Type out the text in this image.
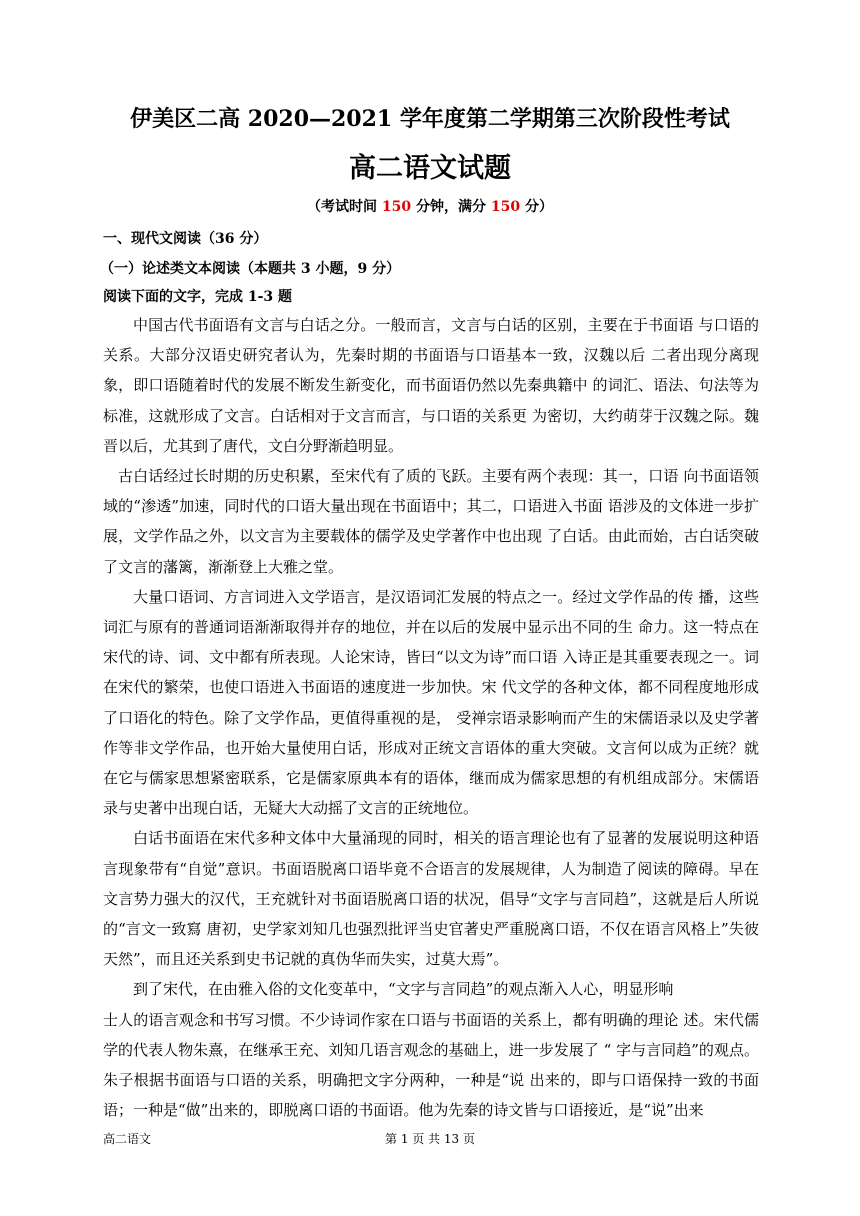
伊美区二高 2020—2021 学年度第二学期第三次阶段性考试
高二语文试题
（考试时间 150 分钟，满分 150 分）
一、现代文阅读（36 分）
（一）论述类文本阅读（本题共 3 小题，9 分）
阅读下面的文字，完成 1-3 题

中国古代书面语有文言与白话之分。一般而言，文言与白话的区别，主要在于书面语 与口语的关系。大部分汉语史研究者认为，先秦时期的书面语与口语基本一致，汉魏以后 二者出现分离现象，即口语随着时代的发展不断发生新变化，而书面语仍然以先秦典籍中 的词汇、语法、句法等为标准，这就形成了文言。白话相对于文言而言，与口语的关系更 为密切，大约萌芽于汉魏之际。魏晋以后，尤其到了唐代，文白分野渐趋明显。

古白话经过长时期的历史积累，至宋代有了质的飞跃。主要有两个表现：其一，口语 向书面语领域的“渗透”加速，同时代的口语大量出现在书面语中；其二，口语进入书面 语涉及的文体进一步扩展，文学作品之外，以文言为主要载体的儒学及史学著作中也出现 了白话。由此而始，古白话突破了文言的藩篱，渐渐登上大雅之堂。

大量口语词、方言词进入文学语言，是汉语词汇发展的特点之一。经过文学作品的传 播，这些词汇与原有的普通词语渐渐取得并存的地位，并在以后的发展中显示出不同的生 命力。这一特点在宋代的诗、词、文中都有所表现。人论宋诗，皆曰“以文为诗”而口语 入诗正是其重要表现之一。词在宋代的繁荣，也使口语进入书面语的速度进一步加快。宋 代文学的各种文体，都不同程度地形成了口语化的特色。除了文学作品，更值得重视的是， 受禅宗语录影响而产生的宋儒语录以及史学著作等非文学作品，也开始大量使用白话，形成对正统文言语体的重大突破。文言何以成为正统？就在它与儒家思想紧密联系，它是儒家原典本有的语体，继而成为儒家思想的有机组成部分。宋儒语录与史著中出现白话，无疑大大动摇了文言的正统地位。

白话书面语在宋代多种文体中大量涌现的同时，相关的语言理论也有了显著的发展说明这种语言现象带有“自觉”意识。书面语脱离口语毕竟不合语言的发展规律，人为制造了阅读的障碍。早在文言势力强大的汉代，王充就针对书面语脱离口语的状况，倡导“文字与言同趋”，这就是后人所说的“言文一致寫 唐初，史学家刘知几也强烈批评当史官著史严重脱离口语，不仅在语言风格上”失彼天然”，而且还关系到史书记就的真伪华而失实，过莫大焉”。

到了宋代，在由雅入俗的文化变革中，“文字与言同趋”的观点渐入人心，明显形响

士人的语言观念和书写习惯。不少诗词作家在口语与书面语的关系上，都有明确的理论 述。宋代儒学的代表人物朱熹，在继承王充、刘知几语言观念的基础上，进一步发展了 “ 字与言同趋”的观点。朱子根据书面语与口语的关系，明确把文字分两种，一种是“说 出来的，即与口语保持一致的书面语；一种是“做”出来的，即脱离口语的书面语。他为先秦的诗文皆与口语接近，是“说”出来

高二语文	第 1 页 共 13 页
